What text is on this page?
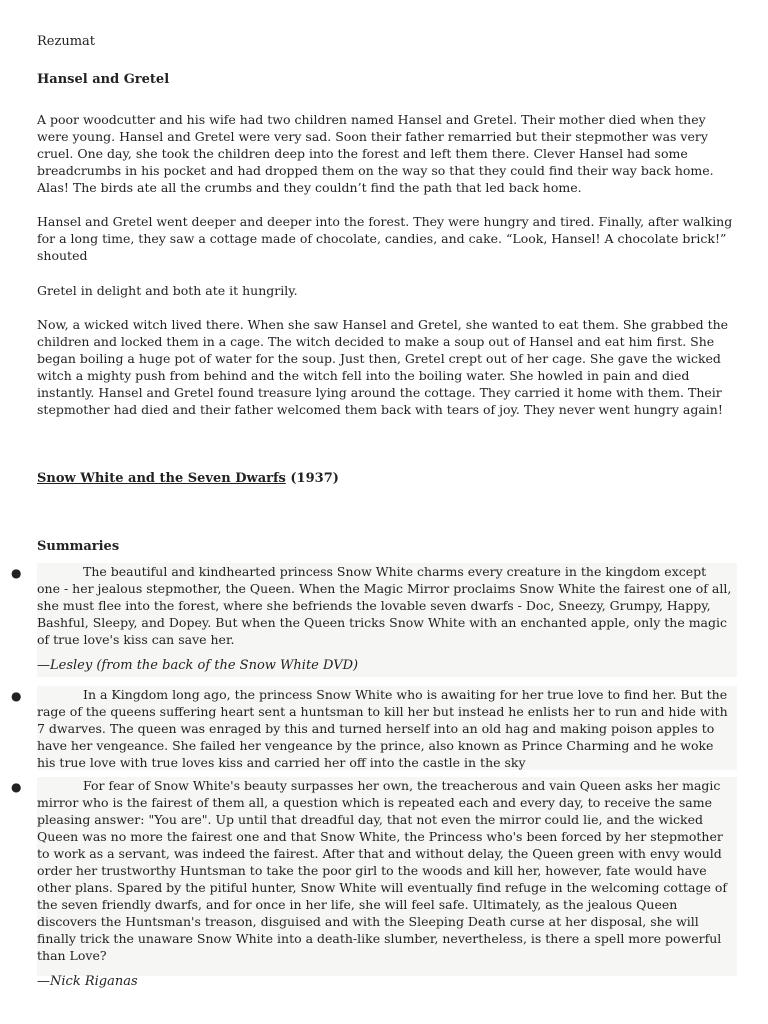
Rezumat
Hansel and Gretel

A poor woodcutter and his wife had two children named Hansel and Gretel. Their mother died when they were young. Hansel and Gretel were very sad. Soon their father remarried but their stepmother was very cruel. One day, she took the children deep into the forest and left them there. Clever Hansel had some breadcrumbs in his pocket and had dropped them on the way so that they could find their way back home. Alas! The birds ate all the crumbs and they couldn’t find the path that led back home.

Hansel and Gretel went deeper and deeper into the forest. They were hungry and tired. Finally, after walking for a long time, they saw a cottage made of chocolate, candies, and cake. “Look, Hansel! A chocolate brick!” shouted

Gretel in delight and both ate it hungrily.

Now, a wicked witch lived there. When she saw Hansel and Gretel, she wanted to eat them. She grabbed the children and locked them in a cage. The witch decided to make a soup out of Hansel and eat him first. She began boiling a huge pot of water for the soup. Just then, Gretel crept out of her cage. She gave the wicked witch a mighty push from behind and the witch fell into the boiling water. She howled in pain and died instantly. Hansel and Gretel found treasure lying around the cottage. They carried it home with them. Their stepmother had died and their father welcomed them back with tears of joy. They never went hungry again!

Snow White and the Seven Dwarfs (1937)
Summaries
●	The beautiful and kindhearted princess Snow White charms every creature in the kingdom except one - her jealous stepmother, the Queen. When the Magic Mirror proclaims Snow White the fairest one of all, she must flee into the forest, where she befriends the lovable seven dwarfs - Doc, Sneezy, Grumpy, Happy, Bashful, Sleepy, and Dopey. But when the Queen tricks Snow White with an enchanted apple, only the magic of true love's kiss can save her.

—Lesley (from the back of the Snow White DVD)
●	In a Kingdom long ago, the princess Snow White who is awaiting for her true love to find her. But the rage of the queens suffering heart sent a huntsman to kill her but instead he enlists her to run and hide with 7 dwarves. The queen was enraged by this and turned herself into an old hag and making poison apples to have her vengeance. She failed her vengeance by the prince, also known as Prince Charming and he woke his true love with true loves kiss and carried her off into the castle in the sky

●	For fear of Snow White's beauty surpasses her own, the treacherous and vain Queen asks her magic mirror who is the fairest of them all, a question which is repeated each and every day, to receive the same pleasing answer: "You are". Up until that dreadful day, that not even the mirror could lie, and the wicked Queen was no more the fairest one and that Snow White, the Princess who's been forced by her stepmother to work as a servant, was indeed the fairest. After that and without delay, the Queen green with envy would order her trustworthy Huntsman to take the poor girl to the woods and kill her, however, fate would have other plans. Spared by the pitiful hunter, Snow White will eventually find refuge in the welcoming cottage of the seven friendly dwarfs, and for once in her life, she will feel safe. Ultimately, as the jealous Queen discovers the Huntsman's treason, disguised and with the Sleeping Death curse at her disposal, she will finally trick the unaware Snow White into a death-like slumber, nevertheless, is there a spell more powerful than Love?

—Nick Riganas
